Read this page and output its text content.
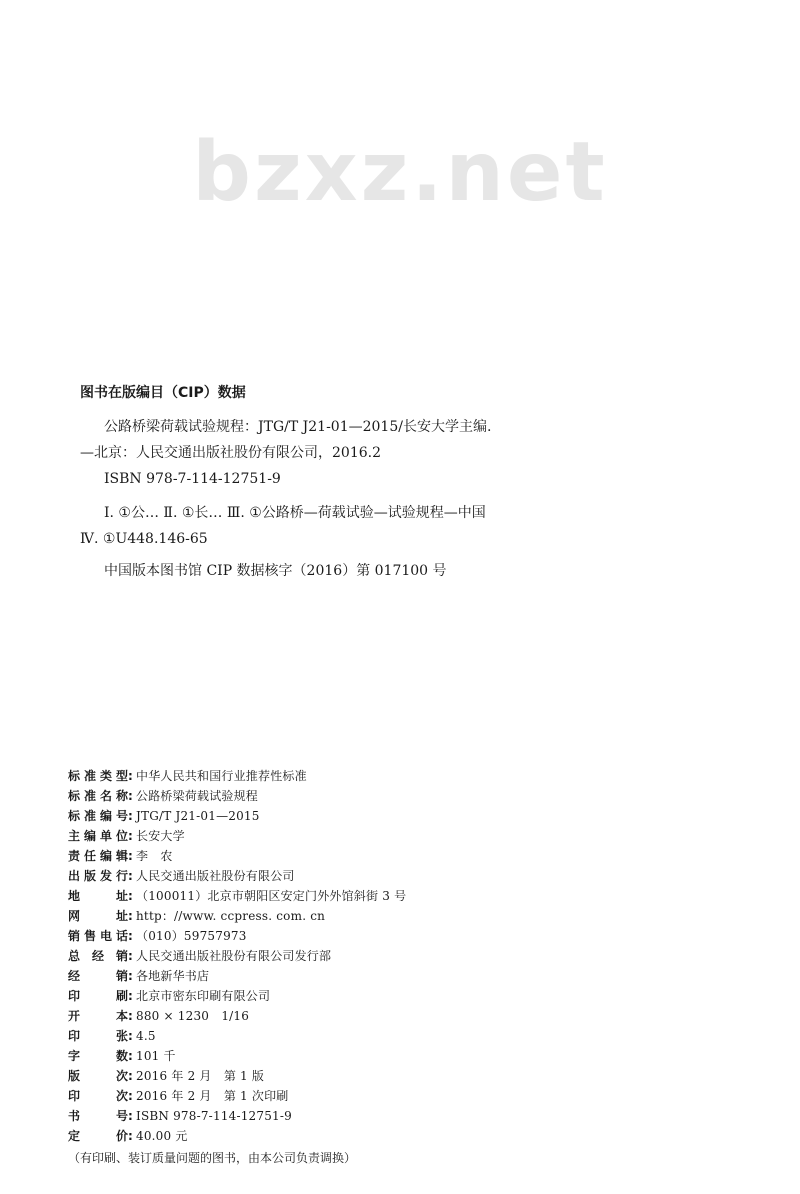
bzxz.net
图书在版编目（CIP）数据

公路桥梁荷载试验规程：JTG/T J21-01—2015/长安大学主编. —北京：人民交通出版社股份有限公司，2016.2

ISBN 978-7-114-12751-9

Ⅰ. ①公… Ⅱ. ①长… Ⅲ. ①公路桥—荷载试验—试验规程—中国 Ⅳ. ①U448.146-65

中国版本图书馆 CIP 数据核字（2016）第 017100 号

标准类型 : 中华人民共和国行业推荐性标准
标准名称 : 公路桥梁荷载试验规程
标准编号 : JTG/T J21-01—2015
主编单位 : 长安大学
责任编辑 : 李　农
出版发行 : 人民交通出版社股份有限公司
地址 : （100011）北京市朝阳区安定门外外馆斜街 3 号
网址 : http：//www. ccpress. com. cn
销售电话 : （010）59757973
总经销 : 人民交通出版社股份有限公司发行部
经销 : 各地新华书店
印刷 : 北京市密东印刷有限公司
开本 : 880 × 1230　1/16
印张 : 4.5
字数 : 101 千
版次 : 2016 年 2 月　第 1 版
印次 : 2016 年 2 月　第 1 次印刷
书号 : ISBN 978-7-114-12751-9
定价 : 40.00 元
（有印刷、装订质量问题的图书，由本公司负责调换）
